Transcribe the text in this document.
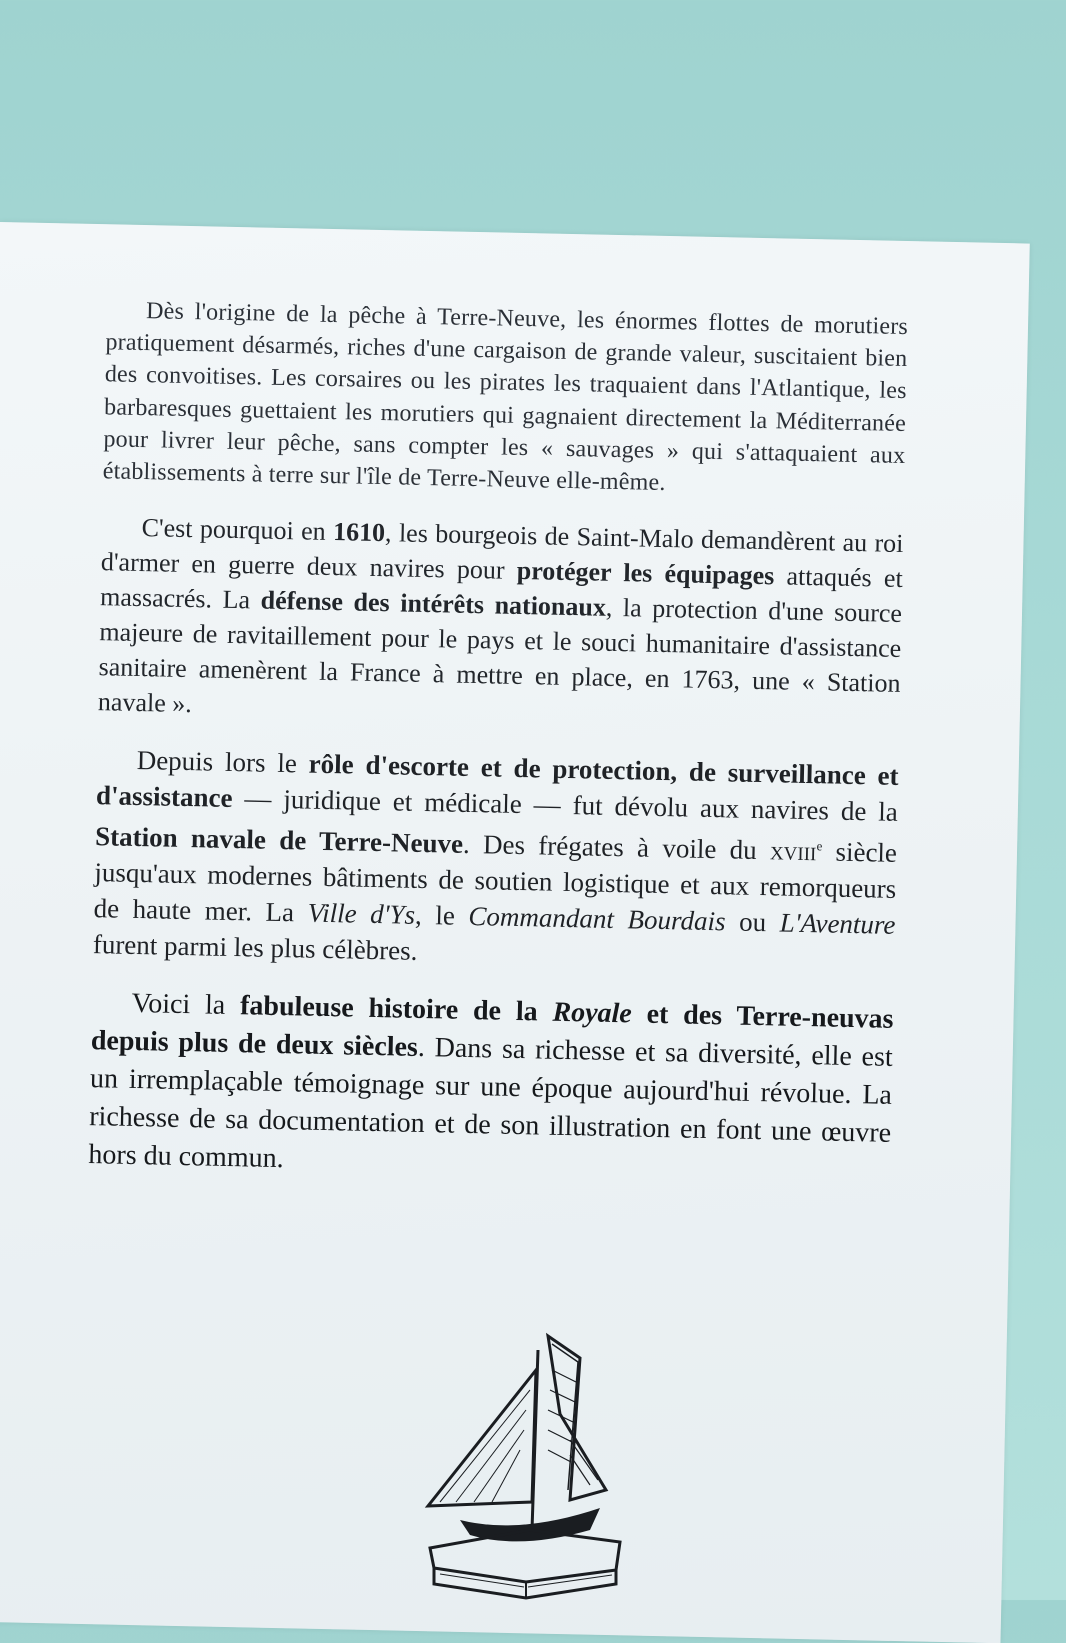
Dès l'origine de la pêche à Terre-Neuve, les énormes flottes de morutiers pratiquement désarmés, riches d'une cargaison de grande valeur, suscitaient bien des convoitises. Les corsaires ou les pirates les traquaient dans l'Atlantique, les barbaresques guettaient les morutiers qui gagnaient directement la Méditerranée pour livrer leur pêche, sans compter les « sauvages » qui s'attaquaient aux établissements à terre sur l'île de Terre-Neuve elle-même.

C'est pourquoi en 1610, les bourgeois de Saint-Malo demandèrent au roi d'armer en guerre deux navires pour protéger les équipages attaqués et massacrés. La défense des intérêts nationaux, la protection d'une source majeure de ravitaillement pour le pays et le souci humanitaire d'assistance sanitaire amenèrent la France à mettre en place, en 1763, une « Station navale ».

Depuis lors le rôle d'escorte et de protection, de surveillance et d'assistance — juridique et médicale — fut dévolu aux navires de la Station navale de Terre-Neuve. Des frégates à voile du xviii$^e$ siècle jusqu'aux modernes bâtiments de soutien logistique et aux remorqueurs de haute mer. La Ville d'Ys, le Commandant Bourdais ou L'Aventure furent parmi les plus célèbres.

Voici la fabuleuse histoire de la Royale et des Terre-neuvas depuis plus de deux siècles. Dans sa richesse et sa diversité, elle est un irremplaçable témoignage sur une époque aujourd'hui révolue. La richesse de sa documentation et de son illustration en font une œuvre hors du commun.
